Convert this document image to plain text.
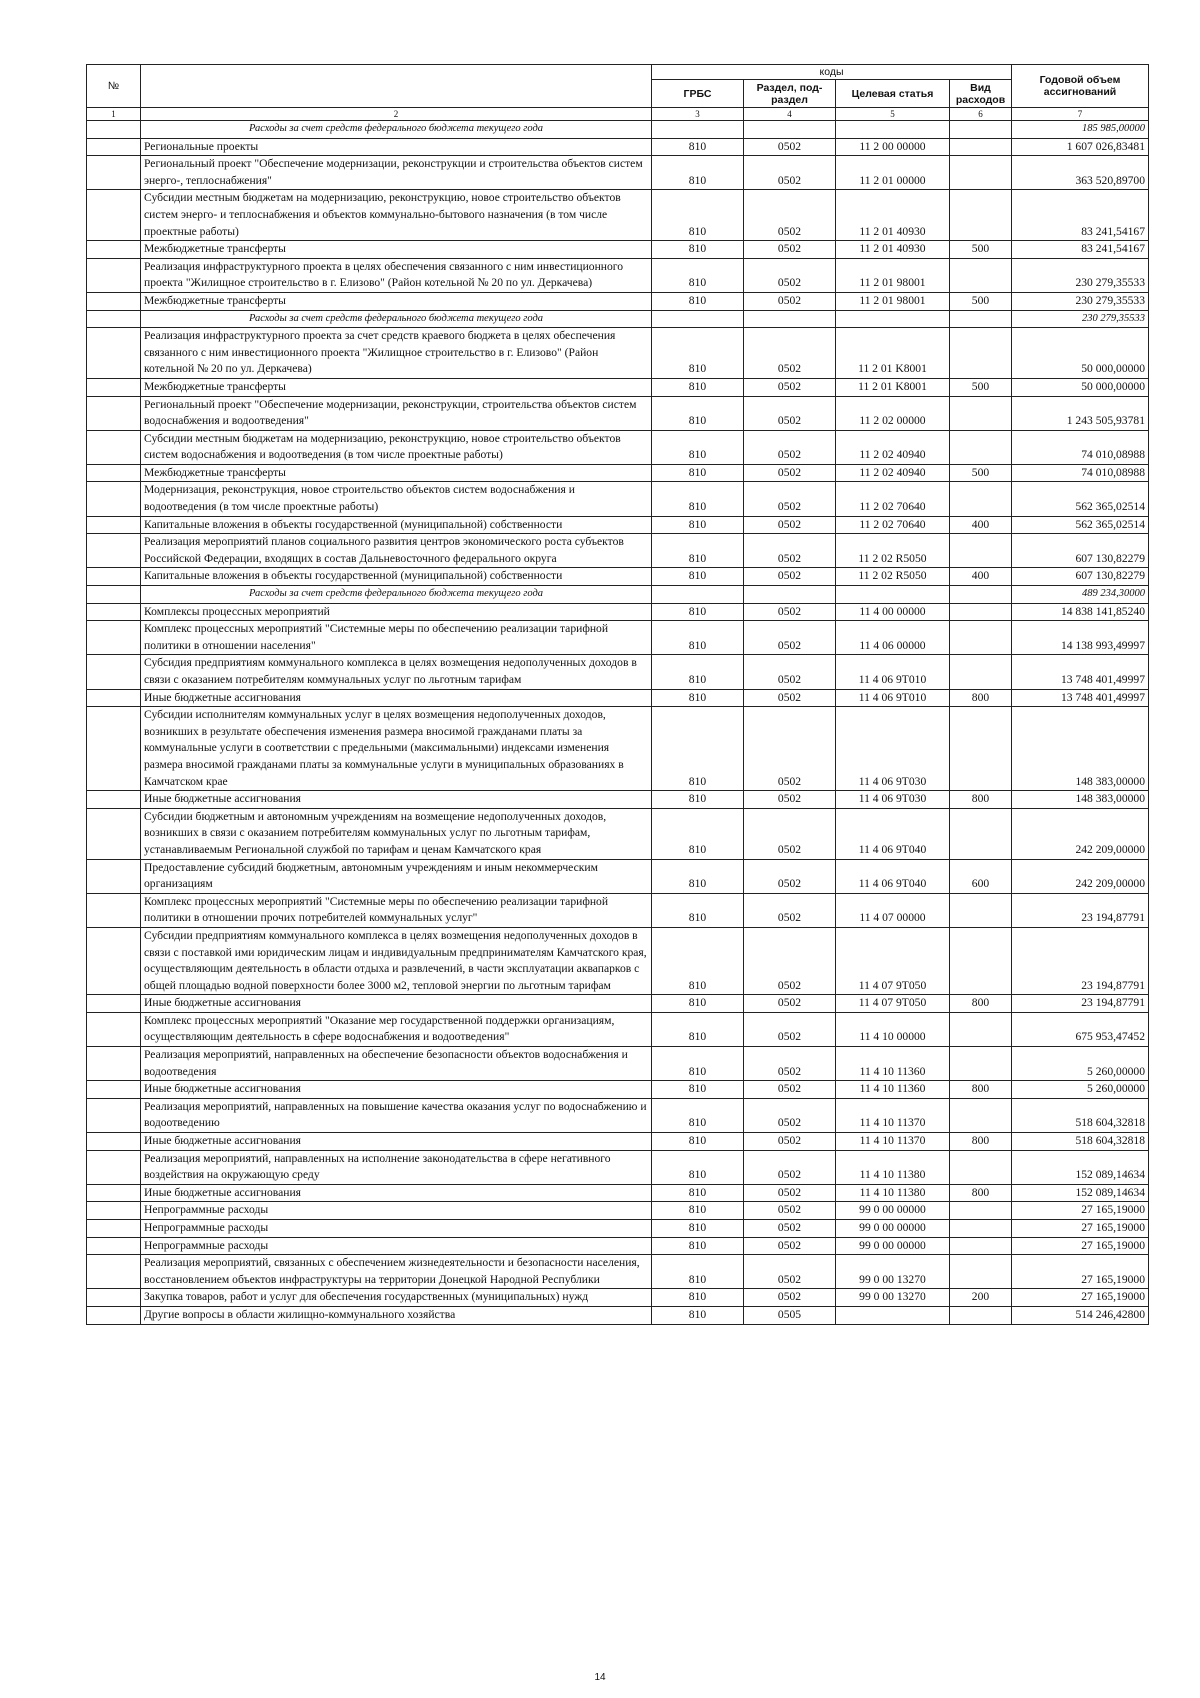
№		коды				Годовой объем ассигнований
		ГРБС	Раздел, под-раздел	Целевая статья	Вид расходов	
1	2	3	4	5	6	7
	Расходы за счет средств федерального бюджета текущего года					185 985,00000
	Региональные проекты	810	0502	11 2 00 00000		1 607 026,83481
	Региональный проект "Обеспечение модернизации, реконструкции и строительства объектов систем энерго-, теплоснабжения"	810	0502	11 2 01 00000		363 520,89700
	Субсидии местным бюджетам на модернизацию, реконструкцию, новое строительство объектов систем энерго- и теплоснабжения и объектов коммунально-бытового назначения (в том числе проектные работы)	810	0502	11 2 01 40930		83 241,54167
	Межбюджетные трансферты	810	0502	11 2 01 40930	500	83 241,54167
	Реализация инфраструктурного проекта в целях обеспечения связанного с ним инвестиционного проекта "Жилищное строительство в г. Елизово" (Район котельной № 20 по ул. Деркачева)	810	0502	11 2 01 98001		230 279,35533
	Межбюджетные трансферты	810	0502	11 2 01 98001	500	230 279,35533
	Расходы за счет средств федерального бюджета текущего года					230 279,35533
	Реализация инфраструктурного проекта за счет средств краевого бюджета в целях обеспечения связанного с ним инвестиционного проекта "Жилищное строительство в г. Елизово" (Район котельной № 20 по ул. Деркачева)	810	0502	11 2 01 K8001		50 000,00000
	Межбюджетные трансферты	810	0502	11 2 01 K8001	500	50 000,00000
	Региональный проект "Обеспечение модернизации, реконструкции, строительства объектов систем водоснабжения и водоотведения"	810	0502	11 2 02 00000		1 243 505,93781
	Субсидии местным бюджетам на модернизацию, реконструкцию, новое строительство объектов систем водоснабжения и водоотведения (в том числе проектные работы)	810	0502	11 2 02 40940		74 010,08988
	Межбюджетные трансферты	810	0502	11 2 02 40940	500	74 010,08988
	Модернизация, реконструкция, новое строительство объектов систем водоснабжения и водоотведения (в том числе проектные работы)	810	0502	11 2 02 70640		562 365,02514
	Капитальные вложения в объекты государственной (муниципальной) собственности	810	0502	11 2 02 70640	400	562 365,02514
	Реализация мероприятий планов социального развития центров экономического роста субъектов Российской Федерации, входящих в состав Дальневосточного федерального округа	810	0502	11 2 02 R5050		607 130,82279
	Капитальные вложения в объекты государственной (муниципальной) собственности	810	0502	11 2 02 R5050	400	607 130,82279
	Расходы за счет средств федерального бюджета текущего года					489 234,30000
	Комплексы процессных мероприятий	810	0502	11 4 00 00000		14 838 141,85240
	Комплекс процессных мероприятий "Системные меры по обеспечению реализации тарифной политики в отношении населения"	810	0502	11 4 06 00000		14 138 993,49997
	Субсидия предприятиям коммунального комплекса в целях возмещения недополученных доходов в связи с оказанием потребителям коммунальных услуг по льготным тарифам	810	0502	11 4 06 9T010		13 748 401,49997
	Иные бюджетные ассигнования	810	0502	11 4 06 9T010	800	13 748 401,49997
	Субсидии исполнителям коммунальных услуг в целях возмещения недополученных доходов, возникших в результате обеспечения изменения размера вносимой гражданами платы за коммунальные услуги в соответствии с предельными (максимальными) индексами изменения размера вносимой гражданами платы за коммунальные услуги в муниципальных образованиях в Камчатском крае	810	0502	11 4 06 9T030		148 383,00000
	Иные бюджетные ассигнования	810	0502	11 4 06 9T030	800	148 383,00000
	Субсидии бюджетным и автономным учреждениям на возмещение недополученных доходов, возникших в связи с оказанием потребителям коммунальных услуг по льготным тарифам, устанавливаемым Региональной службой по тарифам и ценам Камчатского края	810	0502	11 4 06 9T040		242 209,00000
	Предоставление субсидий бюджетным, автономным учреждениям и иным некоммерческим организациям	810	0502	11 4 06 9T040	600	242 209,00000
	Комплекс процессных мероприятий "Системные меры по обеспечению реализации тарифной политики в отношении прочих потребителей коммунальных услуг"	810	0502	11 4 07 00000		23 194,87791
	Субсидии предприятиям коммунального комплекса в целях возмещения недополученных доходов в связи с поставкой ими юридическим лицам и индивидуальным предпринимателям Камчатского края, осуществляющим деятельность в области отдыха и развлечений, в части эксплуатации аквапарков с общей площадью водной поверхности более 3000 м2, тепловой энергии по льготным тарифам	810	0502	11 4 07 9T050		23 194,87791
	Иные бюджетные ассигнования	810	0502	11 4 07 9T050	800	23 194,87791
	Комплекс процессных мероприятий "Оказание мер государственной поддержки организациям, осуществляющим деятельность в сфере водоснабжения и водоотведения"	810	0502	11 4 10 00000		675 953,47452
	Реализация мероприятий, направленных на обеспечение безопасности объектов водоснабжения и водоотведения	810	0502	11 4 10 11360		5 260,00000
	Иные бюджетные ассигнования	810	0502	11 4 10 11360	800	5 260,00000
	Реализация мероприятий, направленных на повышение качества оказания услуг по водоснабжению и водоотведению	810	0502	11 4 10 11370		518 604,32818
	Иные бюджетные ассигнования	810	0502	11 4 10 11370	800	518 604,32818
	Реализация мероприятий, направленных на исполнение законодательства в сфере негативного воздействия на окружающую среду	810	0502	11 4 10 11380		152 089,14634
	Иные бюджетные ассигнования	810	0502	11 4 10 11380	800	152 089,14634
	Непрограммные расходы	810	0502	99 0 00 00000		27 165,19000
	Непрограммные расходы	810	0502	99 0 00 00000		27 165,19000
	Непрограммные расходы	810	0502	99 0 00 00000		27 165,19000
	Реализация мероприятий, связанных с обеспечением жизнедеятельности и безопасности населения, восстановлением объектов инфраструктуры на территории Донецкой Народной Республики	810	0502	99 0 00 13270		27 165,19000
	Закупка товаров, работ и услуг для обеспечения государственных (муниципальных) нужд	810	0502	99 0 00 13270	200	27 165,19000
	Другие вопросы в области жилищно-коммунального хозяйства	810	0505			514 246,42800
14
